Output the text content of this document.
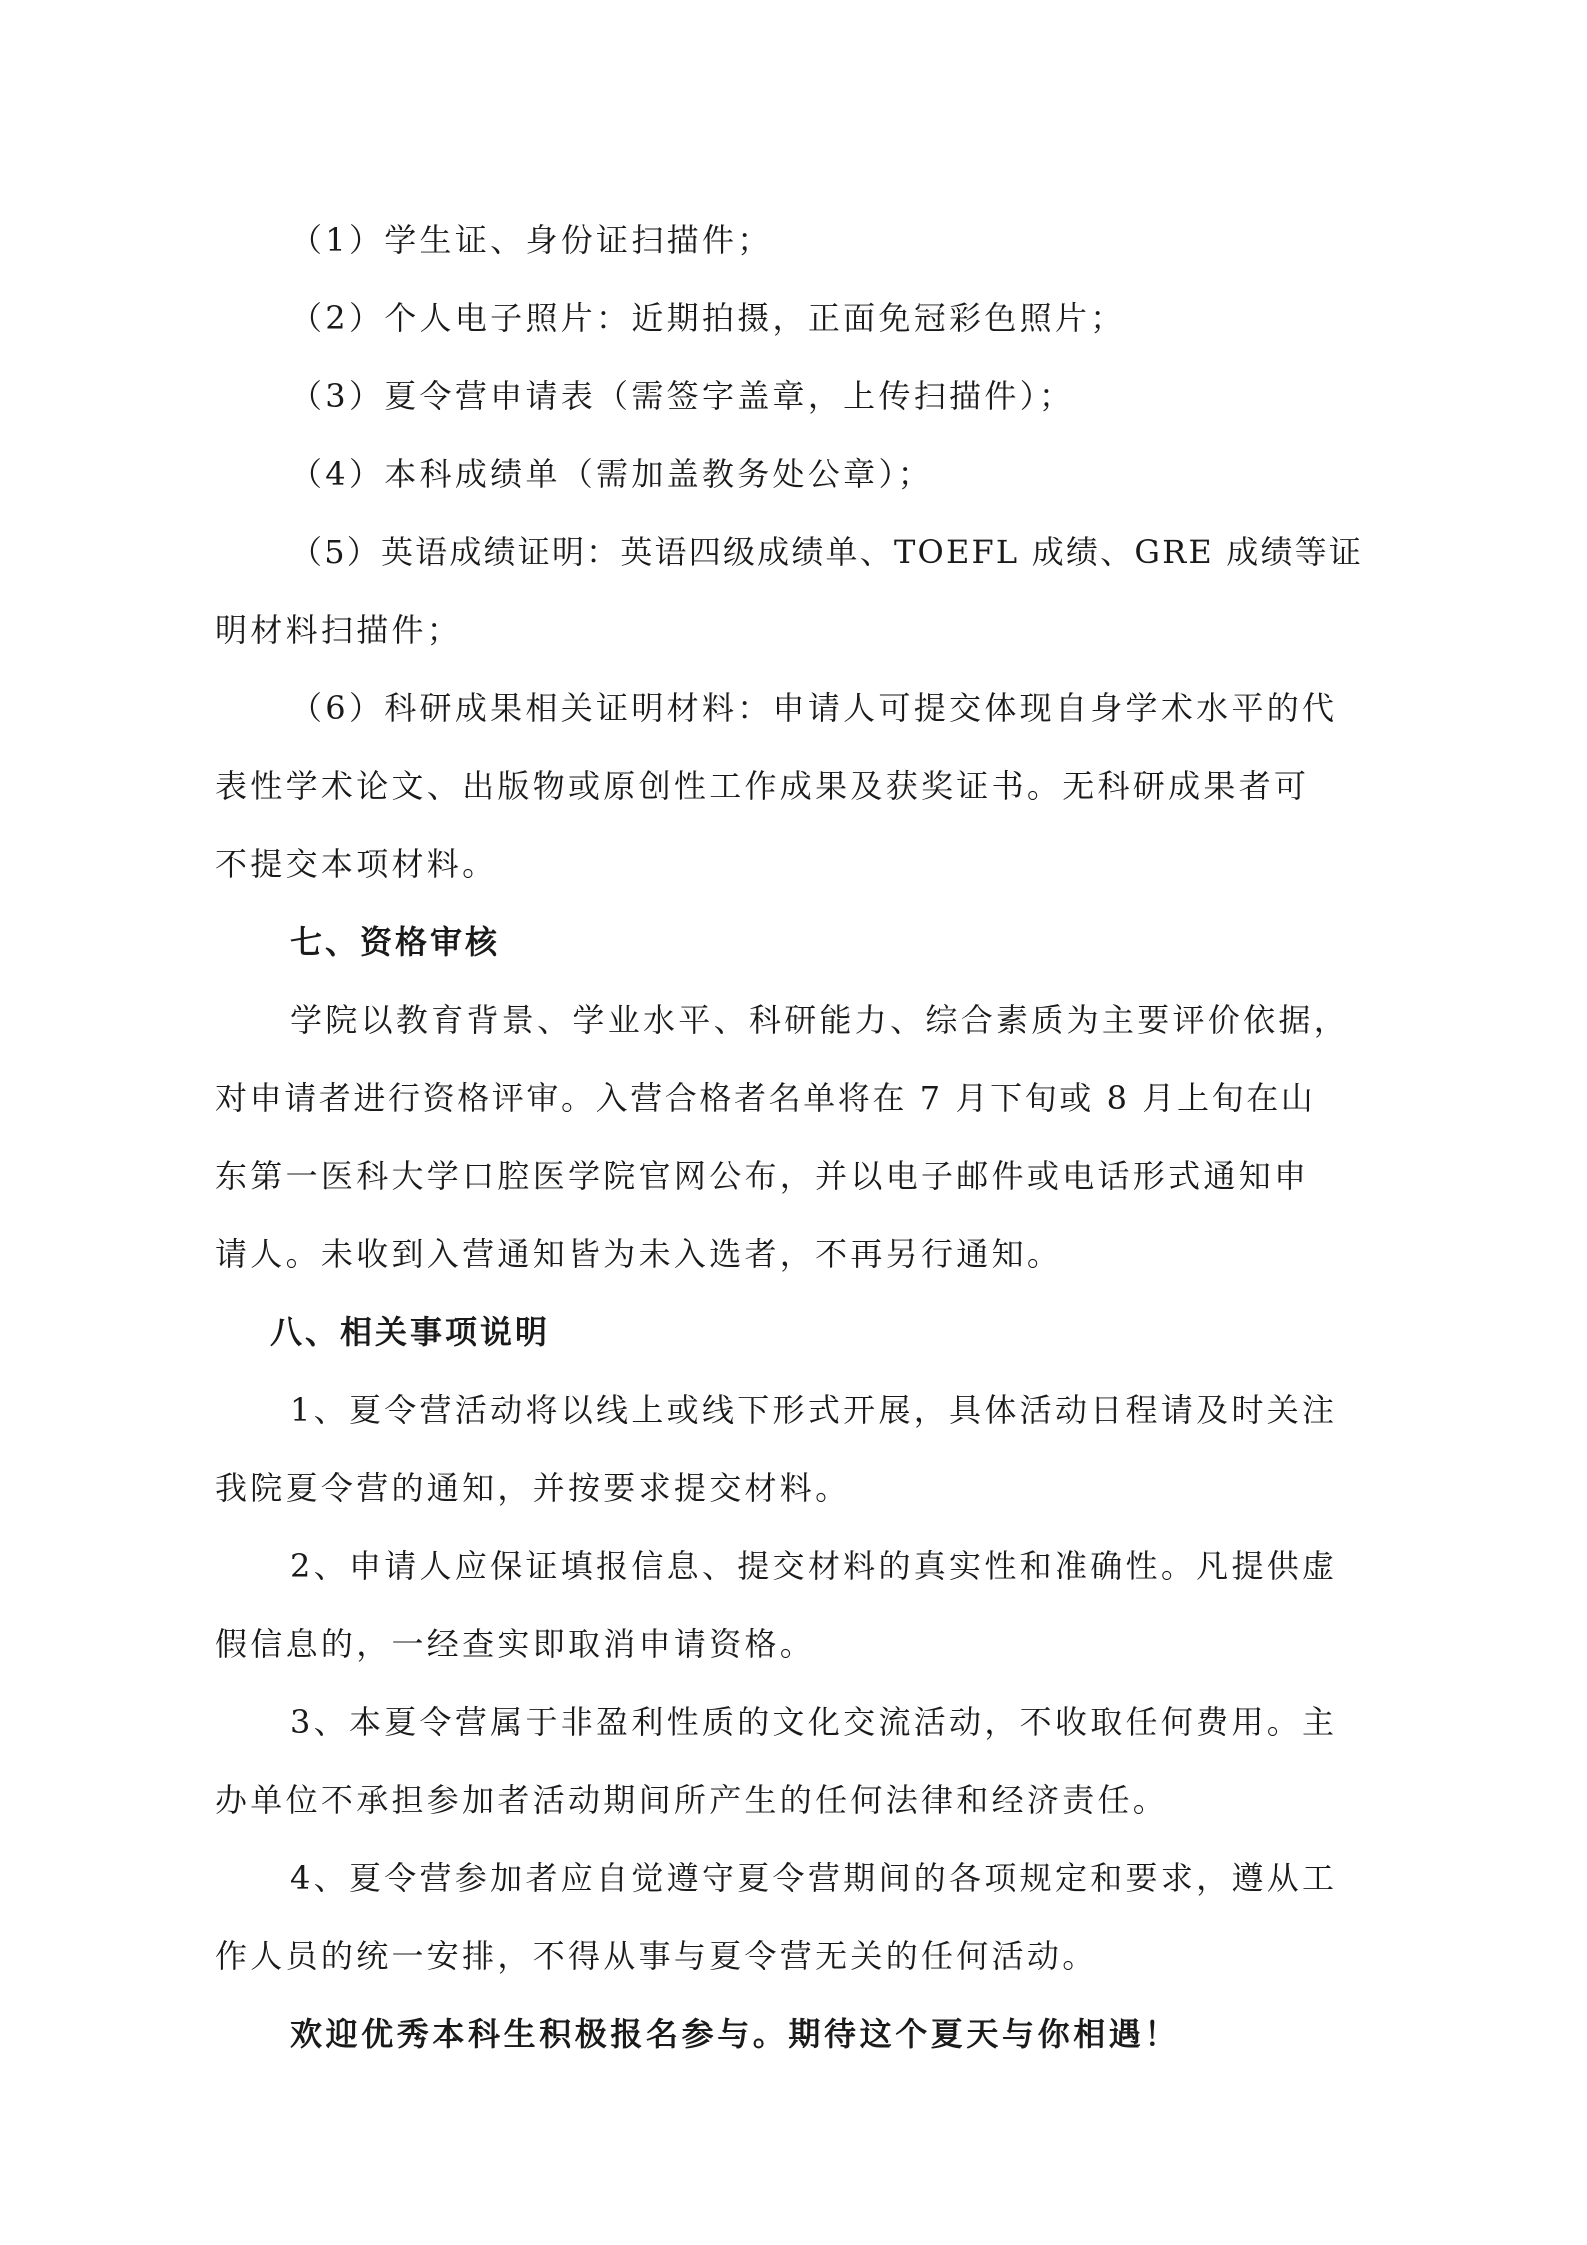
（1）学生证、身份证扫描件；
（2）个人电子照片：近期拍摄，正面免冠彩色照片；
（3）夏令营申请表（需签字盖章，上传扫描件）；
（4）本科成绩单（需加盖教务处公章）；
（5）英语成绩证明：英语四级成绩单、TOEFL 成绩、GRE 成绩等证
明材料扫描件；
（6）科研成果相关证明材料：申请人可提交体现自身学术水平的代
表性学术论文、出版物或原创性工作成果及获奖证书。无科研成果者可
不提交本项材料。
七、资格审核
学院以教育背景、学业水平、科研能力、综合素质为主要评价依据，
对申请者进行资格评审。入营合格者名单将在 7 月下旬或 8 月上旬在山
东第一医科大学口腔医学院官网公布，并以电子邮件或电话形式通知申
请人。未收到入营通知皆为未入选者，不再另行通知。
八、相关事项说明
1、夏令营活动将以线上或线下形式开展，具体活动日程请及时关注
我院夏令营的通知，并按要求提交材料。
2、申请人应保证填报信息、提交材料的真实性和准确性。凡提供虚
假信息的，一经查实即取消申请资格。
3、本夏令营属于非盈利性质的文化交流活动，不收取任何费用。主
办单位不承担参加者活动期间所产生的任何法律和经济责任。
4、夏令营参加者应自觉遵守夏令营期间的各项规定和要求，遵从工
作人员的统一安排，不得从事与夏令营无关的任何活动。
欢迎优秀本科生积极报名参与。期待这个夏天与你相遇！
